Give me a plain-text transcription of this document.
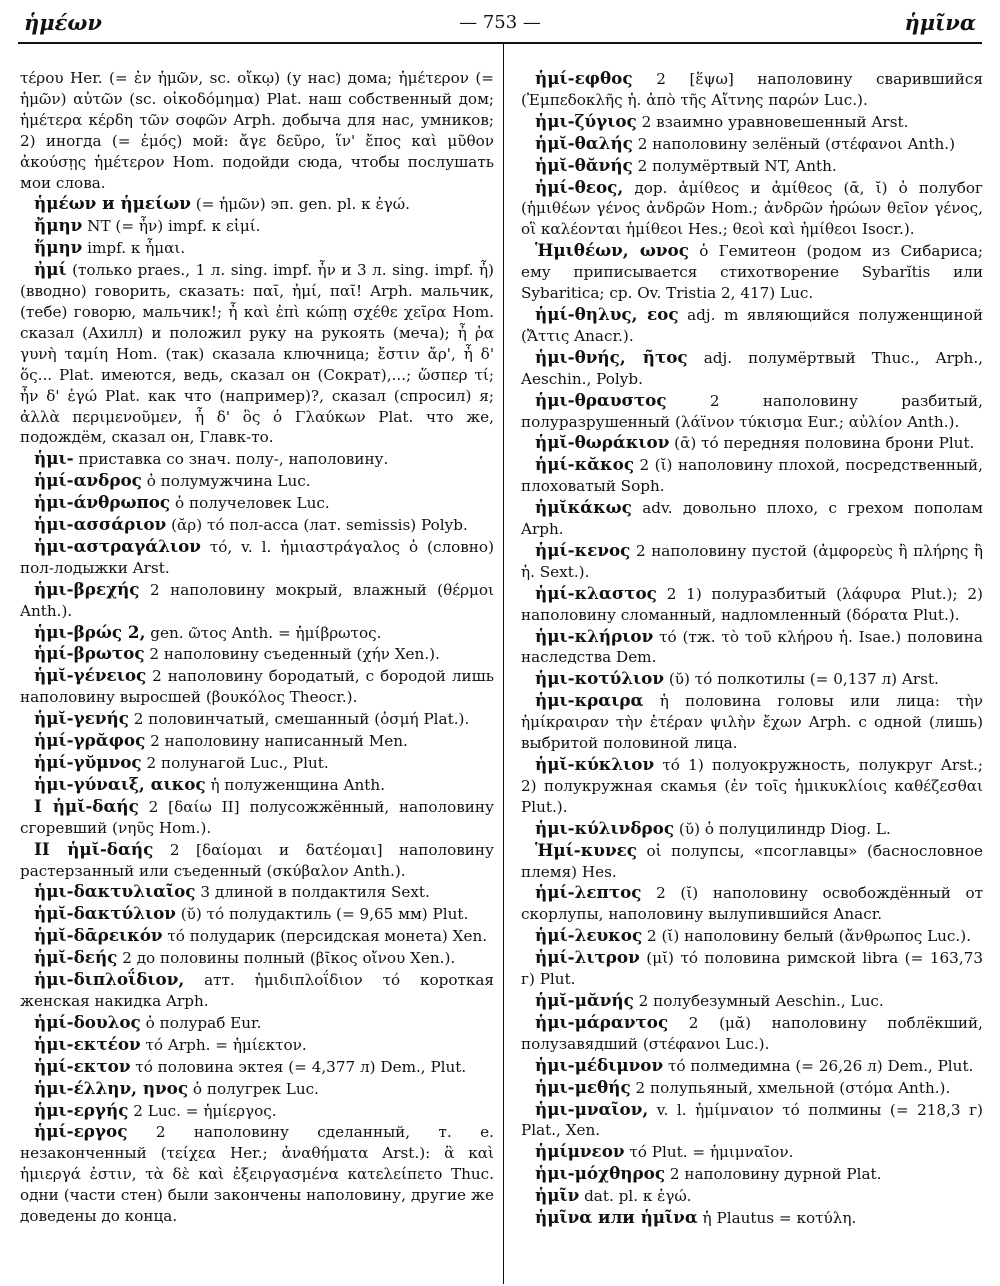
ἡμέων	— 753 —	ἡμῖνα

τέρου Her. (= ἐν ἡμῶν, sc. οἴκῳ) (у нас) дома; ἡμέτερον (= ἡμῶν) αὐτῶν (sc. οἰκοδόμημα) Plat. наш собственный дом; ἡμέτερα κέρδη τῶν σοφῶν Arph. добыча для нас, умников; 2) иногда (= ἐμός) мой: ἄγε δεῦρο, ἵν' ἔπος καὶ μῦθον ἀκούσῃς ἡμέτερον Hom. подойди сюда, чтобы послушать мои слова.

ἡμέων и ἡμείων (= ἡμῶν) эп. gen. pl. к ἐγώ.

ἤμην NT (= ἦν) impf. к εἰμί.

ἥμην impf. к ἧμαι.

ἠμί (только praes., 1 л. sing. impf. ἦν и 3 л. sing. impf. ἦ) (вводно) говорить, сказать: παῖ, ἠμί, παῖ! Arph. мальчик, (тебе) говорю, мальчик!; ἦ καὶ ἐπὶ κώπῃ σχέθε χεῖρα Hom. сказал (Ахилл) и положил руку на рукоять (меча); ἦ ῥα γυνὴ ταμίη Hom. (так) сказала ключница; ἔστιν ἄρ', ἦ δ' ὅς... Plat. имеются, ведь, сказал он (Сократ),...; ὥσπερ τί; ἦν δ' ἐγώ Plat. как что (например)?, сказал (спросил) я; ἀλλὰ περιμενοῦμεν, ἦ δ' ὃς ὁ Γλαύκων Plat. что же, подождём, сказал он, Главк-то.

ἡμι- приставка со знач. полу-, наполовину.

ἡμί-ανδρος ὁ полумужчина Luc.

ἡμι-άνθρωπος ὁ получеловек Luc.

ἡμι-ασσάριον (ᾰρ) τό пол-асса (лат. semissis) Polyb.

ἡμι-αστραγάλιον τό, v. l. ἡμιαστράγαλος ὁ (словно) пол-лодыжки Arst.

ἡμι-βρεχής 2 наполовину мокрый, влажный (θέρμοι Anth.).

ἡμι-βρώς 2, gen. ῶτος Anth. = ἡμίβρωτος.

ἡμί-βρωτος 2 наполовину съеденный (χήν Xen.).

ἡμῐ-γένειος 2 наполовину бородатый, с бородой лишь наполовину выросшей (βουκόλος Theocr.).

ἡμῐ-γενής 2 половинчатый, смешанный (ὀσμή Plat.).

ἡμί-γρᾰφος 2 наполовину написанный Men.

ἡμί-γῠμνος 2 полунагой Luc., Plut.

ἡμι-γύναιξ, αικος ἡ полуженщина Anth.

I ἡμῐ-δαής 2 [δαίω II] полусожжённый, наполовину сгоревший (νηῦς Hom.).

II ἡμῐ-δαής 2 [δαίομαι и δατέομαι] наполовину растерзанный или съеденный (σκύβαλον Anth.).

ἡμι-δακτυλιαῖος 3 длиной в полдактиля Sext.

ἡμῐ-δακτύλιον (ῠ) τό полудактиль (= 9,65 мм) Plut.

ἡμῐ-δᾱρεικόν τό полударик (персидская монета) Xen.

ἡμῐ-δεής 2 до половины полный (βῖκος οἴνου Xen.).

ἡμι-διπλοΐδιον, атт. ἡμιδιπλοΐδιον τό короткая женская накидка Arph.

ἡμί-δουλος ὁ полураб Eur.

ἡμι-εκτέον τό Arph. = ἡμίεκτον.

ἡμί-εκτον τό половина эктея (= 4,377 л) Dem., Plut.

ἡμι-έλλην, ηνος ὁ полугрек Luc.

ἡμι-εργής 2 Luc. = ἡμίεργος.

ἡμί-εργος 2 наполовину сделанный, т. е. незаконченный (τείχεα Her.; ἀναθήματα Arst.): ἃ καὶ ἡμιεργά ἐστιν, τὰ δὲ καὶ ἐξειργασμένα κατελείπετο Thuc. одни (части стен) были закончены наполовину, другие же доведены до конца.

ἡμί-εφθος 2 [ἕψω] наполовину сварившийся (Ἐμπεδοκλῆς ἡ. ἀπὸ τῆς Αἴτνης παρών Luc.).

ἡμι-ζύγιος 2 взаимно уравновешенный Arst.

ἡμῐ-θαλής 2 наполовину зелёный (στέφανοι Anth.)

ἡμῐ-θᾰνής 2 полумёртвый NT, Anth.

ἡμί-θεος, дор. ἁμίθεος и ἀμίθεος (ᾱ, ῐ) ὁ полубог (ἡμιθέων γένος ἀνδρῶν Hom.; ἀνδρῶν ἡρώων θεῖον γένος, οἳ καλέονται ἡμίθεοι Hes.; θεοὶ καὶ ἡμίθεοι Isocr.).

Ἡμιθέων, ωνος ὁ Гемитеон (родом из Сибариса; ему приписывается стихотворение Sybarĭtis или Sybaritica; ср. Ov. Tristia 2, 417) Luc.

ἡμί-θηλυς, εος adj. m являющийся полуженщиной (Ἄττις Anacr.).

ἡμι-θνής, ῆτος adj. полумёртвый Thuc., Arph., Aeschin., Polyb.

ἡμι-θραυστος 2 наполовину разбитый, полуразрушенный (λάϊνον τύκισμα Eur.; αὐλίον Anth.).

ἡμῐ-θωράκιον (ᾱ) τό передняя половина брони Plut.

ἡμί-κᾰκος 2 (ῐ) наполовину плохой, посредственный, плоховатый Soph.

ἡμῐκάκως adv. довольно плохо, с грехом пополам Arph.

ἡμί-κενος 2 наполовину пустой (ἀμφορεὺς ἢ πλήρης ἢ ἡ. Sext.).

ἡμί-κλαστος 2 1) полуразбитый (λάφυρα Plut.); 2) наполовину сломанный, надломленный (δόρατα Plut.).

ἡμι-κλήριον τό (тж. τὸ τοῦ κλήρου ἡ. Isae.) половина наследства Dem.

ἡμι-κοτύλιον (ῠ) τό полкотилы (= 0,137 л) Arst.

ἡμι-κραιρα ἡ половина головы или лица: τὴν ἡμίκραιραν τὴν ἑτέραν ψιλὴν ἔχων Arph. с одной (лишь) выбритой половиной лица.

ἡμῐ-κύκλιον τό 1) полуокружность, полукруг Arst.; 2) полукружная скамья (ἐν τοῖς ἡμικυκλίοις καθέζεσθαι Plut.).

ἡμι-κύλινδρος (ῠ) ὁ полуцилиндр Diog. L.

Ἡμί-κυνες οἱ полупсы, «псоглавцы» (баснословное племя) Hes.

ἡμί-λεπτος 2 (ῐ) наполовину освобождённый от скорлупы, наполовину вылупившийся Anacr.

ἡμί-λευκος 2 (ῐ) наполовину белый (ἄνθρωπος Luc.).

ἡμί-λιτρον (μῐ) τό половина римской libra (= 163,73 г) Plut.

ἡμῐ-μᾰνής 2 полубезумный Aeschin., Luc.

ἡμι-μάραντος 2 (μᾰ) наполовину поблёкший, полузавядший (στέφανοι Luc.).

ἡμι-μέδιμνον τό полмедимна (= 26,26 л) Dem., Plut.

ἡμι-μεθής 2 полупьяный, хмельной (στόμα Anth.).

ἡμι-μναῖον, v. l. ἡμίμναιον τό полмины (= 218,3 г) Plat., Xen.

ἡμίμνεον τό Plut. = ἡμιμναῖον.

ἡμι-μόχθηρος 2 наполовину дурной Plat.

ἡμῖν dat. pl. к ἐγώ.

ἡμῖνα или ἡμῖνα ἡ Plautus = κοτύλη.
